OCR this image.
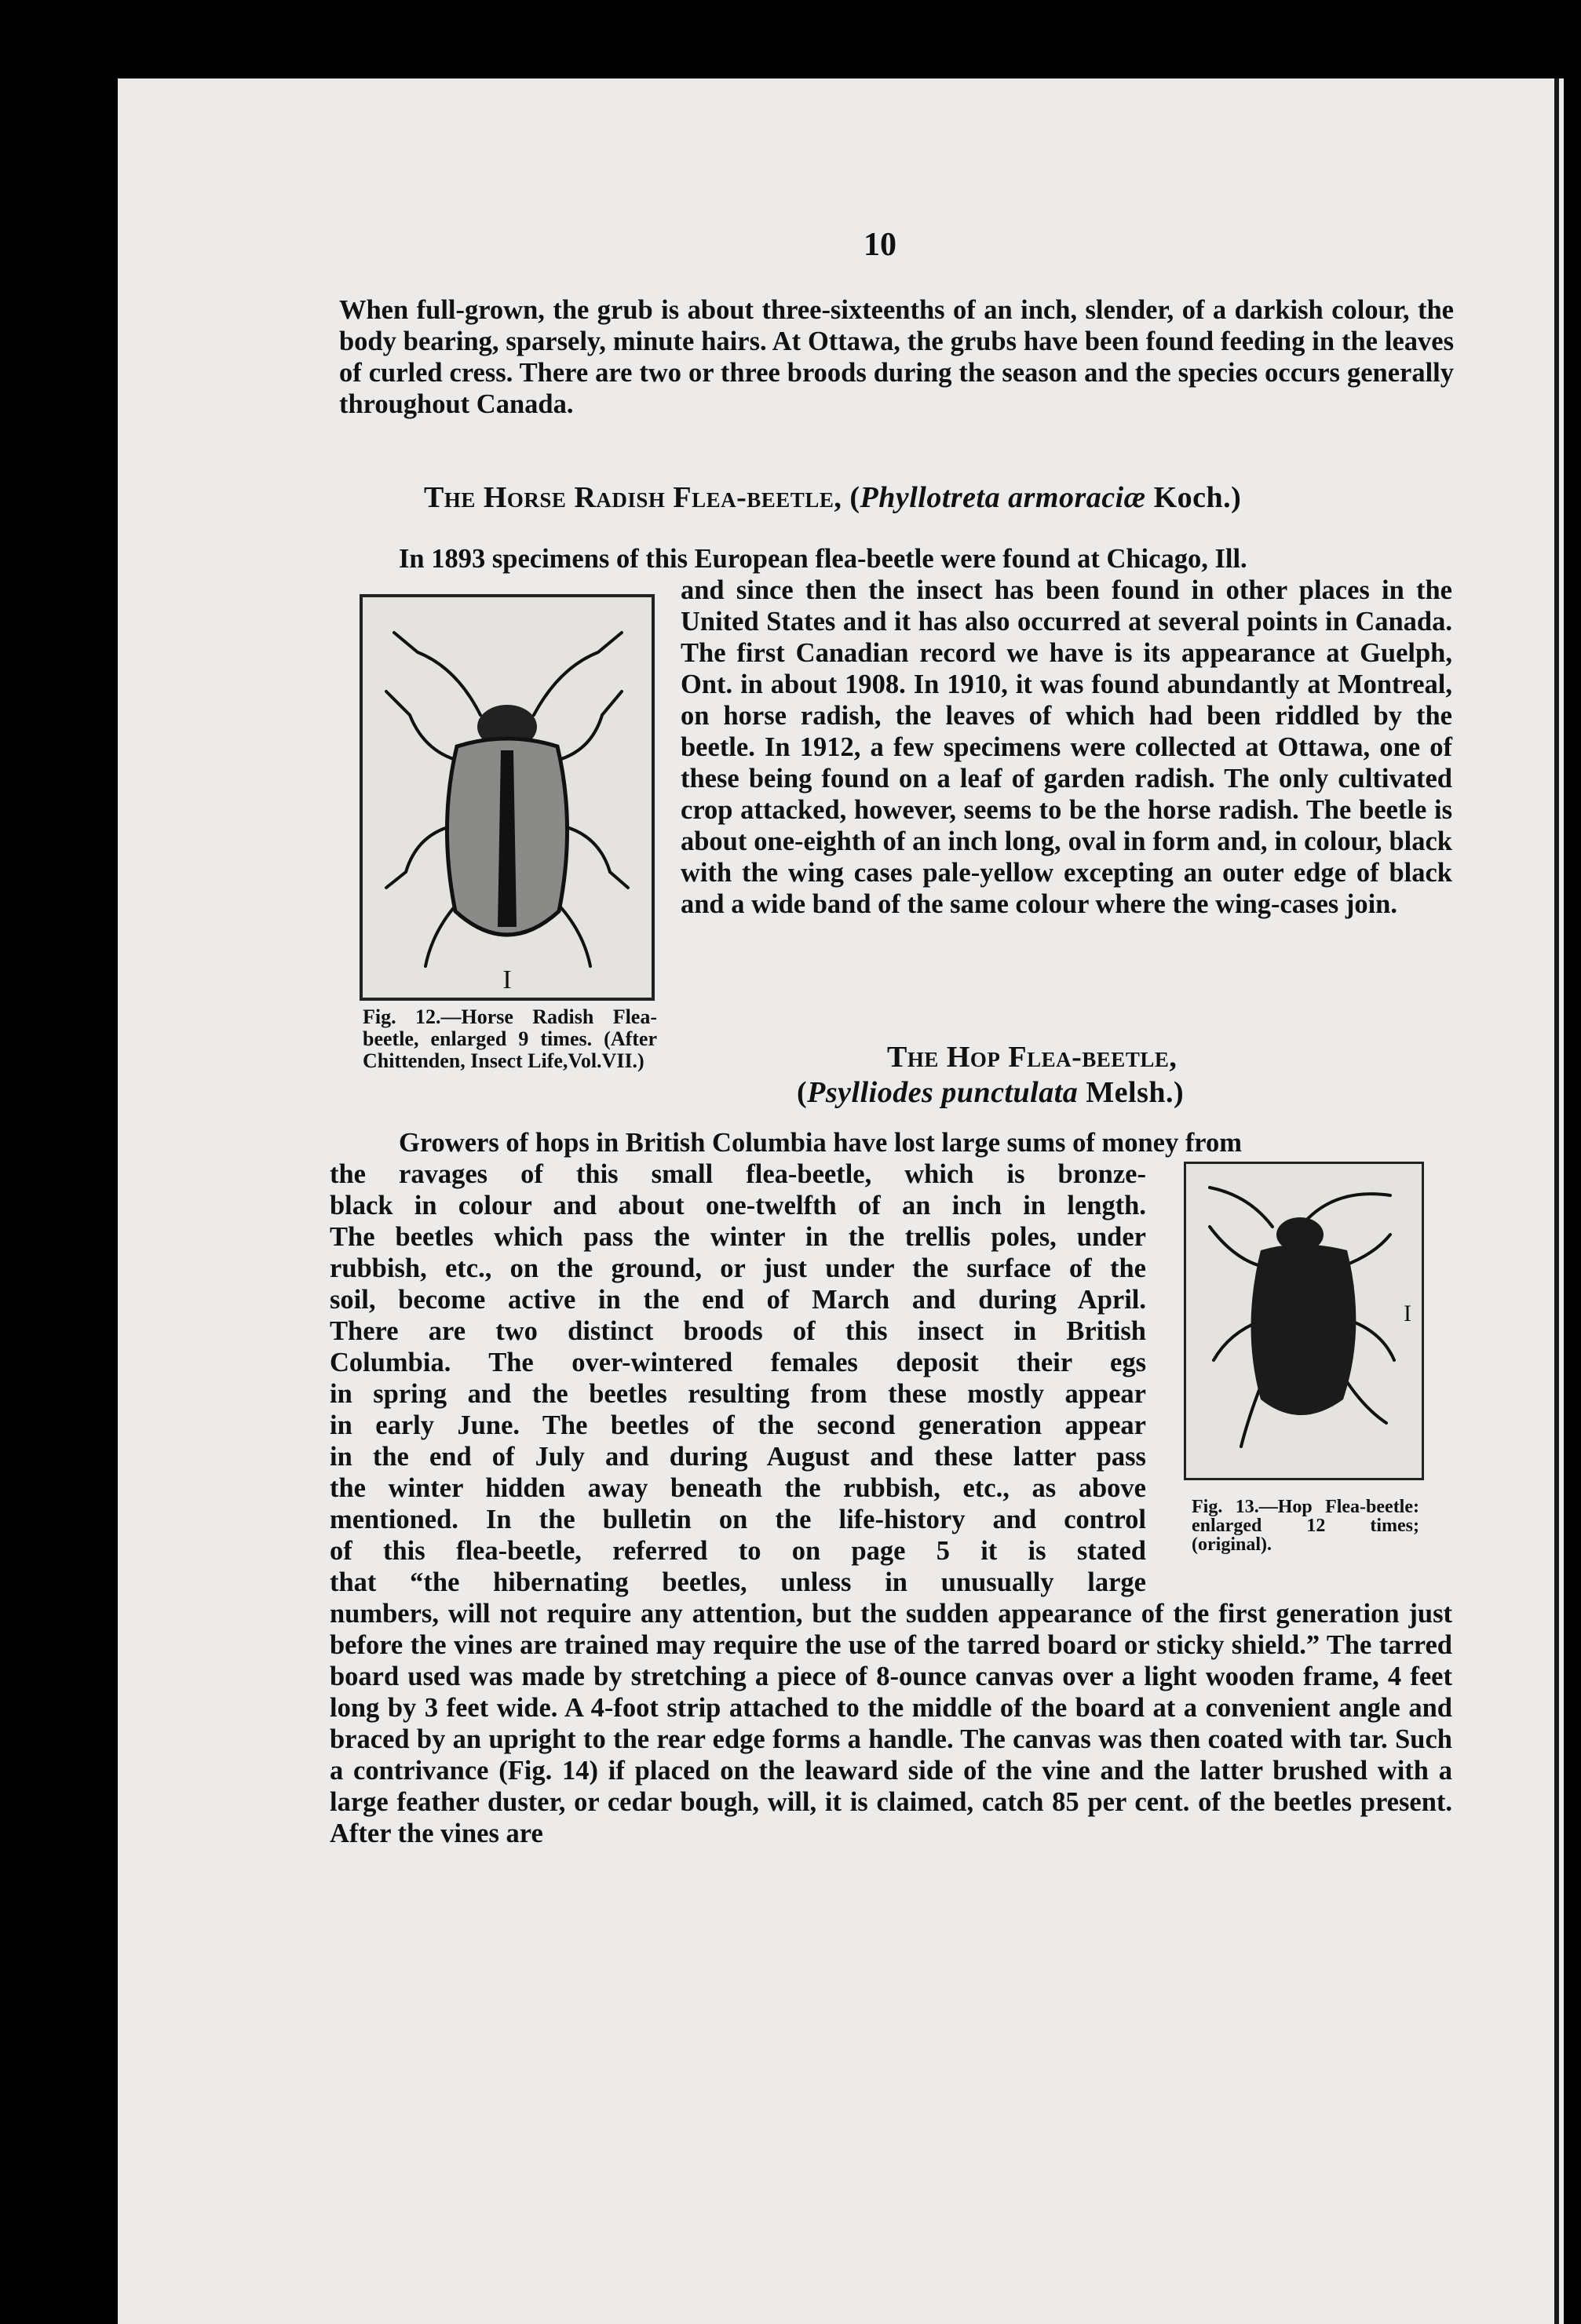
10
When full-grown, the grub is about three-sixteenths of an inch, slender, of a darkish colour, the body bearing, sparsely, minute hairs. At Ottawa, the grubs have been found feeding in the leaves of curled cress. There are two or three broods during the season and the species occurs generally throughout Canada.
The Horse Radish Flea-beetle, (Phyllotreta armoraciæ Koch.)
In 1893 specimens of this European flea-beetle were found at Chicago, Ill.
I
Fig. 12.—Horse Radish Flea-beetle, enlarged 9 times. (After Chittenden, Insect Life,Vol.VII.)
and since then the insect has been found in other places in the United States and it has also occurred at several points in Canada. The first Canadian record we have is its appearance at Guelph, Ont. in about 1908. In 1910, it was found abundantly at Montreal, on horse radish, the leaves of which had been riddled by the beetle. In 1912, a few specimens were collected at Ottawa, one of these being found on a leaf of garden radish. The only cultivated crop attacked, however, seems to be the horse radish. The beetle is about one-eighth of an inch long, oval in form and, in colour, black with the wing cases pale-yellow excepting an outer edge of black and a wide band of the same colour where the wing-cases join.
The Hop Flea-beetle,
(Psylliodes punctulata Melsh.)
Growers of hops in British Columbia have lost large sums of money from
the ravages of this small flea-beetle, which is bronze-
black in colour and about one-twelfth of an inch in length.
The beetles which pass the winter in the trellis poles, under
rubbish, etc., on the ground, or just under the surface of the
soil, become active in the end of March and during April.
There are two distinct broods of this insect in British
Columbia. The over-wintered females deposit their egs
in spring and the beetles resulting from these mostly appear
in early June. The beetles of the second generation appear
in the end of July and during August and these latter pass
the winter hidden away beneath the rubbish, etc., as above
mentioned. In the bulletin on the life-history and control
of this flea-beetle, referred to on page 5 it is stated
that “the hibernating beetles, unless in unusually large
I
Fig. 13.—Hop Flea-beetle: enlarged 12 times; (original).
numbers, will not require any attention, but the sudden appearance of the first generation just before the vines are trained may require the use of the tarred board or sticky shield.” The tarred board used was made by stretching a piece of 8-ounce canvas over a light wooden frame, 4 feet long by 3 feet wide. A 4-foot strip attached to the middle of the board at a convenient angle and braced by an upright to the rear edge forms a handle. The canvas was then coated with tar. Such a contrivance (Fig. 14) if placed on the leaward side of the vine and the latter brushed with a large feather duster, or cedar bough, will, it is claimed, catch 85 per cent. of the beetles present. After the vines are
